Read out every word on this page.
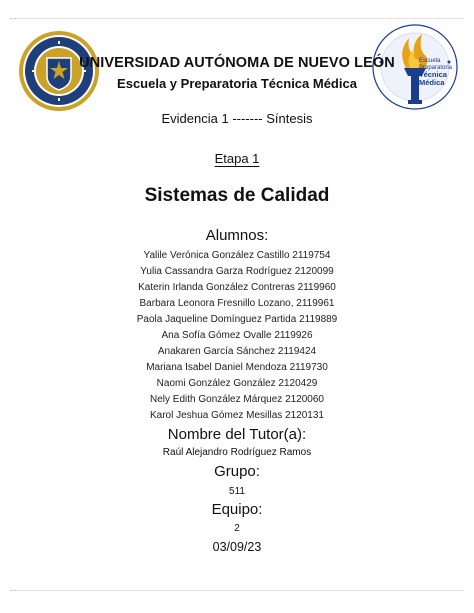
Escuela
Preparatoria
Técnica
Médica
UNIVERSIDAD AUTÓNOMA DE NUEVO LEÓN
Escuela y Preparatoria Técnica Médica
Evidencia 1 ------- Síntesis
Etapa 1
Sistemas de Calidad
Alumnos:
Yalile Verónica González Castillo 2119754
Yulia Cassandra Garza Rodríguez 2120099
Katerin Irlanda González Contreras 2119960
Barbara Leonora Fresnillo Lozano, 2119961
Paola Jaqueline Domínguez Partida 2119889
Ana Sofía Gómez Ovalle 2119926
Anakaren García Sánchez 2119424
Mariana Isabel Daniel Mendoza 2119730
Naomi González González 2120429
Nely Edith González Márquez 2120060
Karol Jeshua Gómez Mesillas 2120131
Nombre del Tutor(a):
Raúl Alejandro Rodríguez Ramos
Grupo:
511
Equipo:
2
03/09/23
